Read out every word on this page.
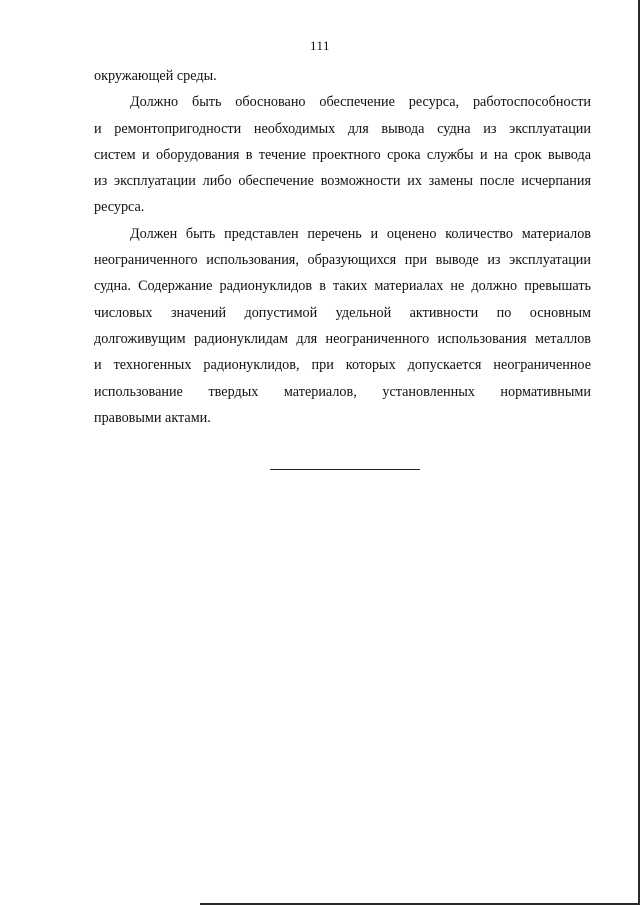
111

окружающей среды.

Должно быть обосновано обеспечение ресурса, работоспособности
и ремонтопригодности необходимых для вывода судна из эксплуатации
систем и оборудования в течение проектного срока службы и на срок вывода
из эксплуатации либо обеспечение возможности их замены после исчерпания
ресурса.

Должен быть представлен перечень и оценено количество материалов
неограниченного использования, образующихся при выводе из эксплуатации
судна. Содержание радионуклидов в таких материалах не должно превышать
числовых значений допустимой удельной активности по основным
долгоживущим радионуклидам для неограниченного использования металлов
и техногенных радионуклидов, при которых допускается неограниченное
использование твердых материалов, установленных нормативными
правовыми актами.
